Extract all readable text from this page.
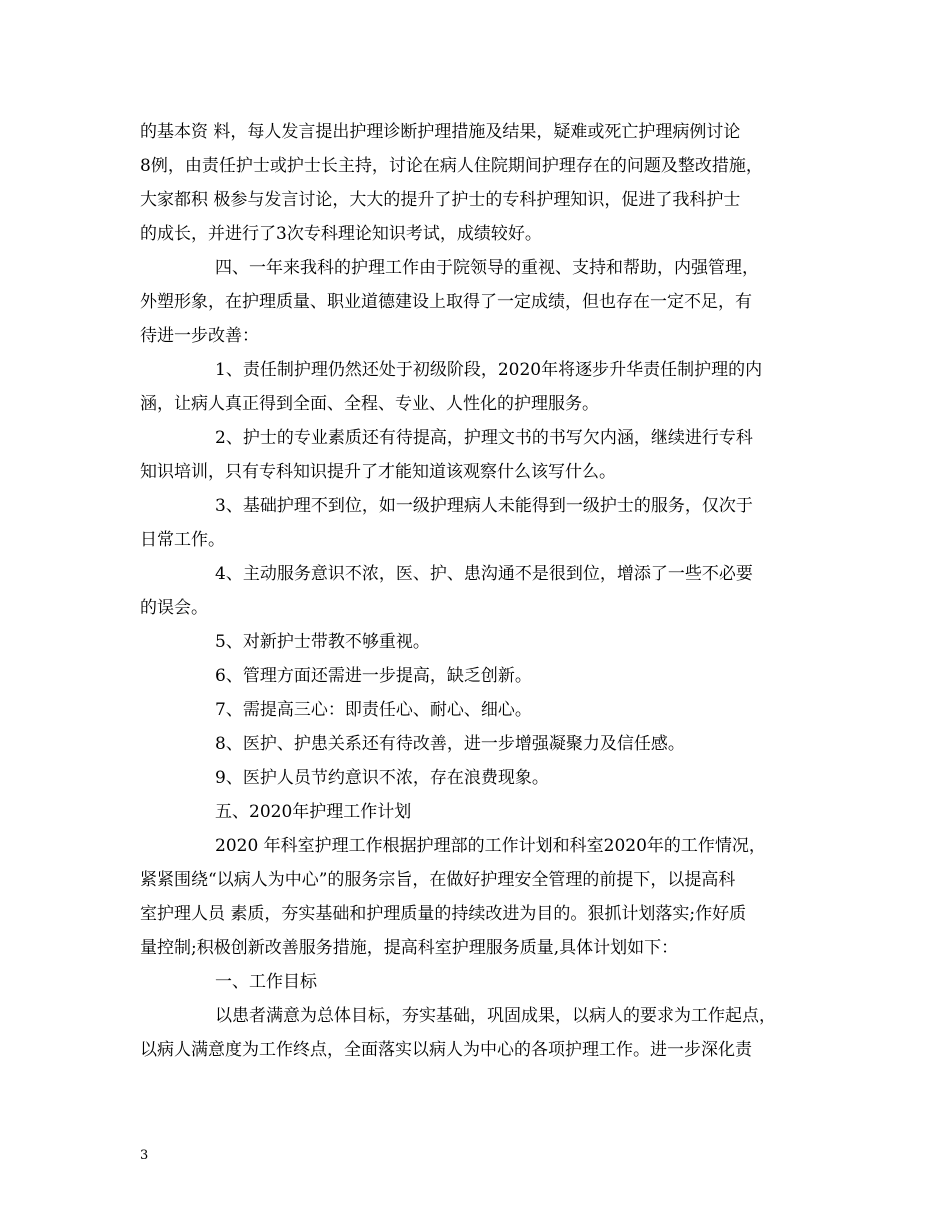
的基本资 料，每人发言提出护理诊断护理措施及结果，疑难或死亡护理病例讨论
8例，由责任护士或护士长主持，讨论在病人住院期间护理存在的问题及整改措施，
大家都积 极参与发言讨论，大大的提升了护士的专科护理知识，促进了我科护士
的成长，并进行了3次专科理论知识考试，成绩较好。
四、一年来我科的护理工作由于院领导的重视、支持和帮助，内强管理，
外塑形象，在护理质量、职业道德建设上取得了一定成绩，但也存在一定不足，有
待进一步改善：
1、责任制护理仍然还处于初级阶段，2020年将逐步升华责任制护理的内
涵，让病人真正得到全面、全程、专业、人性化的护理服务。
2、护士的专业素质还有待提高，护理文书的书写欠内涵，继续进行专科
知识培训，只有专科知识提升了才能知道该观察什么该写什么。
3、基础护理不到位，如一级护理病人未能得到一级护士的服务，仅次于
日常工作。
4、主动服务意识不浓，医、护、患沟通不是很到位，增添了一些不必要
的误会。
5、对新护士带教不够重视。
6、管理方面还需进一步提高，缺乏创新。
7、需提高三心：即责任心、耐心、细心。
8、医护、护患关系还有待改善，进一步增强凝聚力及信任感。
9、医护人员节约意识不浓，存在浪费现象。
五、2020年护理工作计划
2020 年科室护理工作根据护理部的工作计划和科室2020年的工作情况，
紧紧围绕“以病人为中心”的服务宗旨，在做好护理安全管理的前提下，以提高科
室护理人员 素质，夯实基础和护理质量的持续改进为目的。狠抓计划落实;作好质
量控制;积极创新改善服务措施，提高科室护理服务质量,具体计划如下：
一、工作目标
以患者满意为总体目标，夯实基础，巩固成果，以病人的要求为工作起点，
以病人满意度为工作终点，全面落实以病人为中心的各项护理工作。进一步深化责
3
